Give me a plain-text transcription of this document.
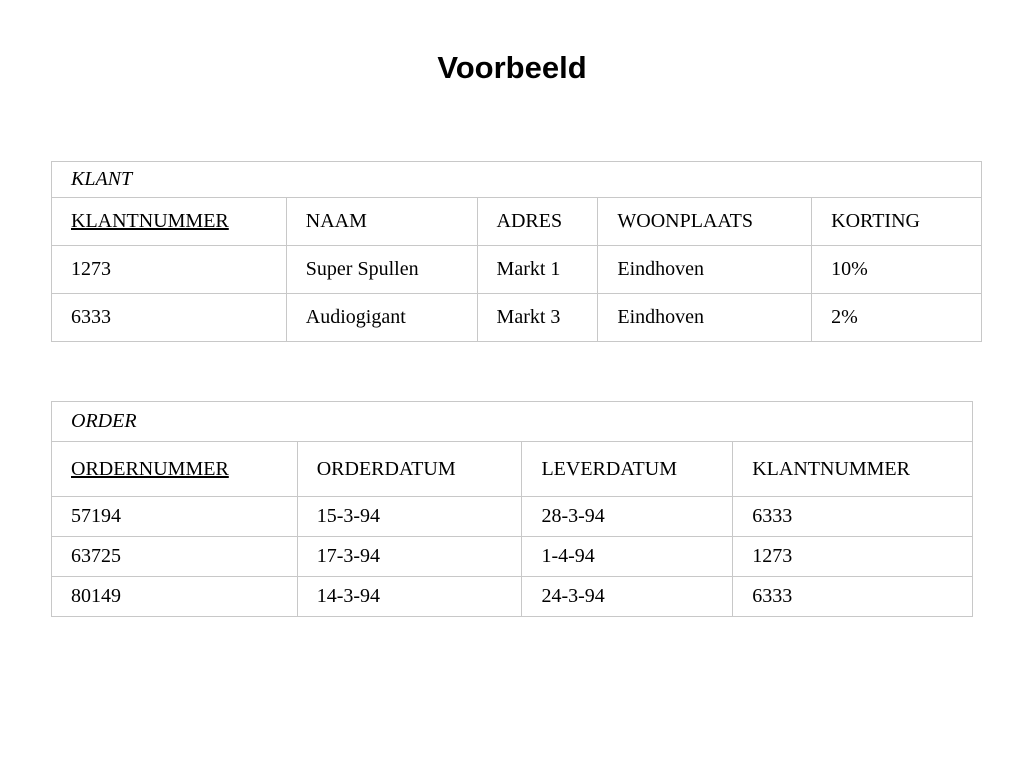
Voorbeeld
KLANT				
KLANTNUMMER	NAAM	ADRES	WOONPLAATS	KORTING
1273	Super Spullen	Markt 1	Eindhoven	10%
6333	Audiogigant	Markt 3	Eindhoven	2%
ORDER			
ORDERNUMMER	ORDERDATUM	LEVERDATUM	KLANTNUMMER
57194	15-3-94	28-3-94	6333
63725	17-3-94	1-4-94	1273
80149	14-3-94	24-3-94	6333
